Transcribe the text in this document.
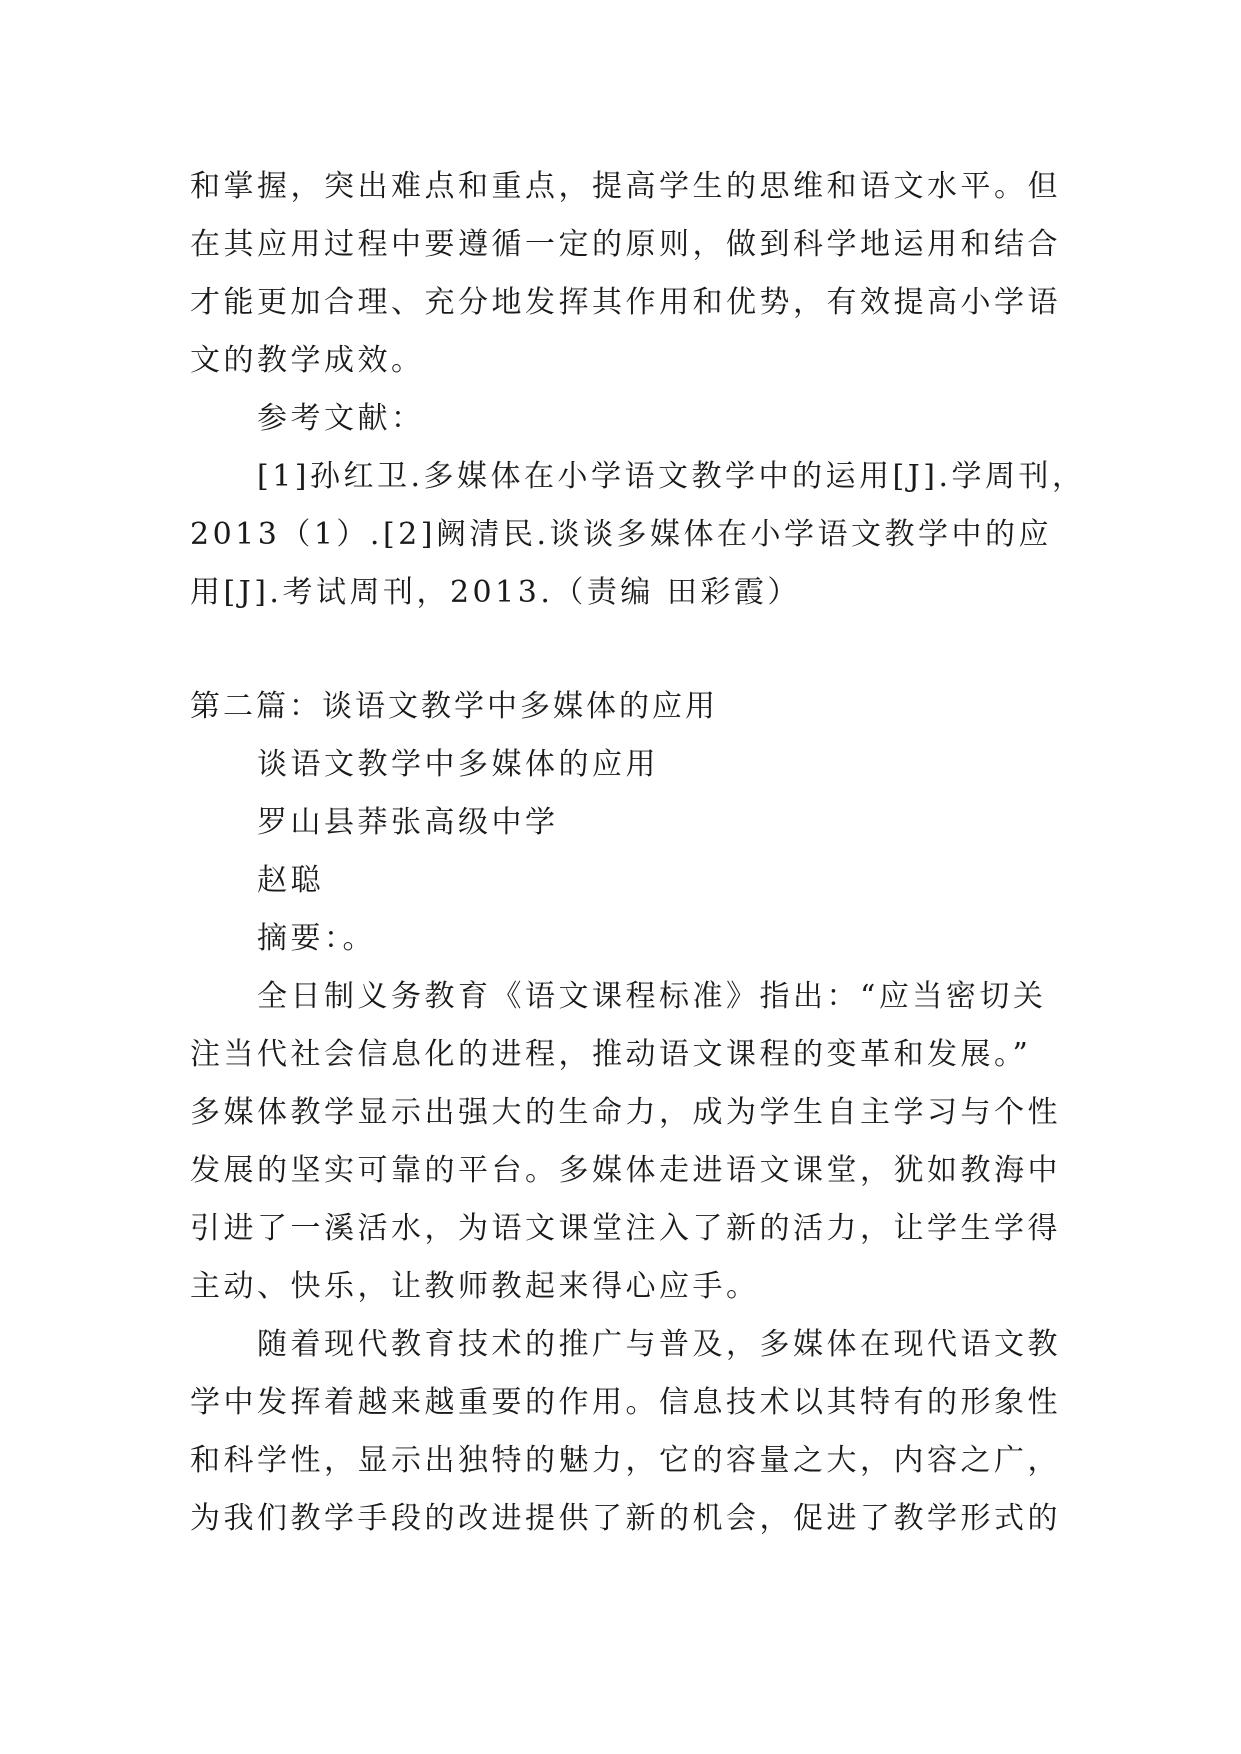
和掌握，突出难点和重点，提高学生的思维和语文水平。但
在其应用过程中要遵循一定的原则，做到科学地运用和结合
才能更加合理、充分地发挥其作用和优势，有效提高小学语
文的教学成效。
参考文献：
[1]孙红卫.多媒体在小学语文教学中的运用[J].学周刊，
2013（1）.[2]阙清民.谈谈多媒体在小学语文教学中的应
用[J].考试周刊，2013.（责编 田彩霞）
第二篇：谈语文教学中多媒体的应用
谈语文教学中多媒体的应用
罗山县莽张高级中学
赵聪
摘要：。
全日制义务教育《语文课程标准》指出：“应当密切关
注当代社会信息化的进程，推动语文课程的变革和发展。”
多媒体教学显示出强大的生命力，成为学生自主学习与个性
发展的坚实可靠的平台。多媒体走进语文课堂，犹如教海中
引进了一溪活水，为语文课堂注入了新的活力，让学生学得
主动、快乐，让教师教起来得心应手。
随着现代教育技术的推广与普及，多媒体在现代语文教
学中发挥着越来越重要的作用。信息技术以其特有的形象性
和科学性，显示出独特的魅力，它的容量之大，内容之广，
为我们教学手段的改进提供了新的机会，促进了教学形式的
